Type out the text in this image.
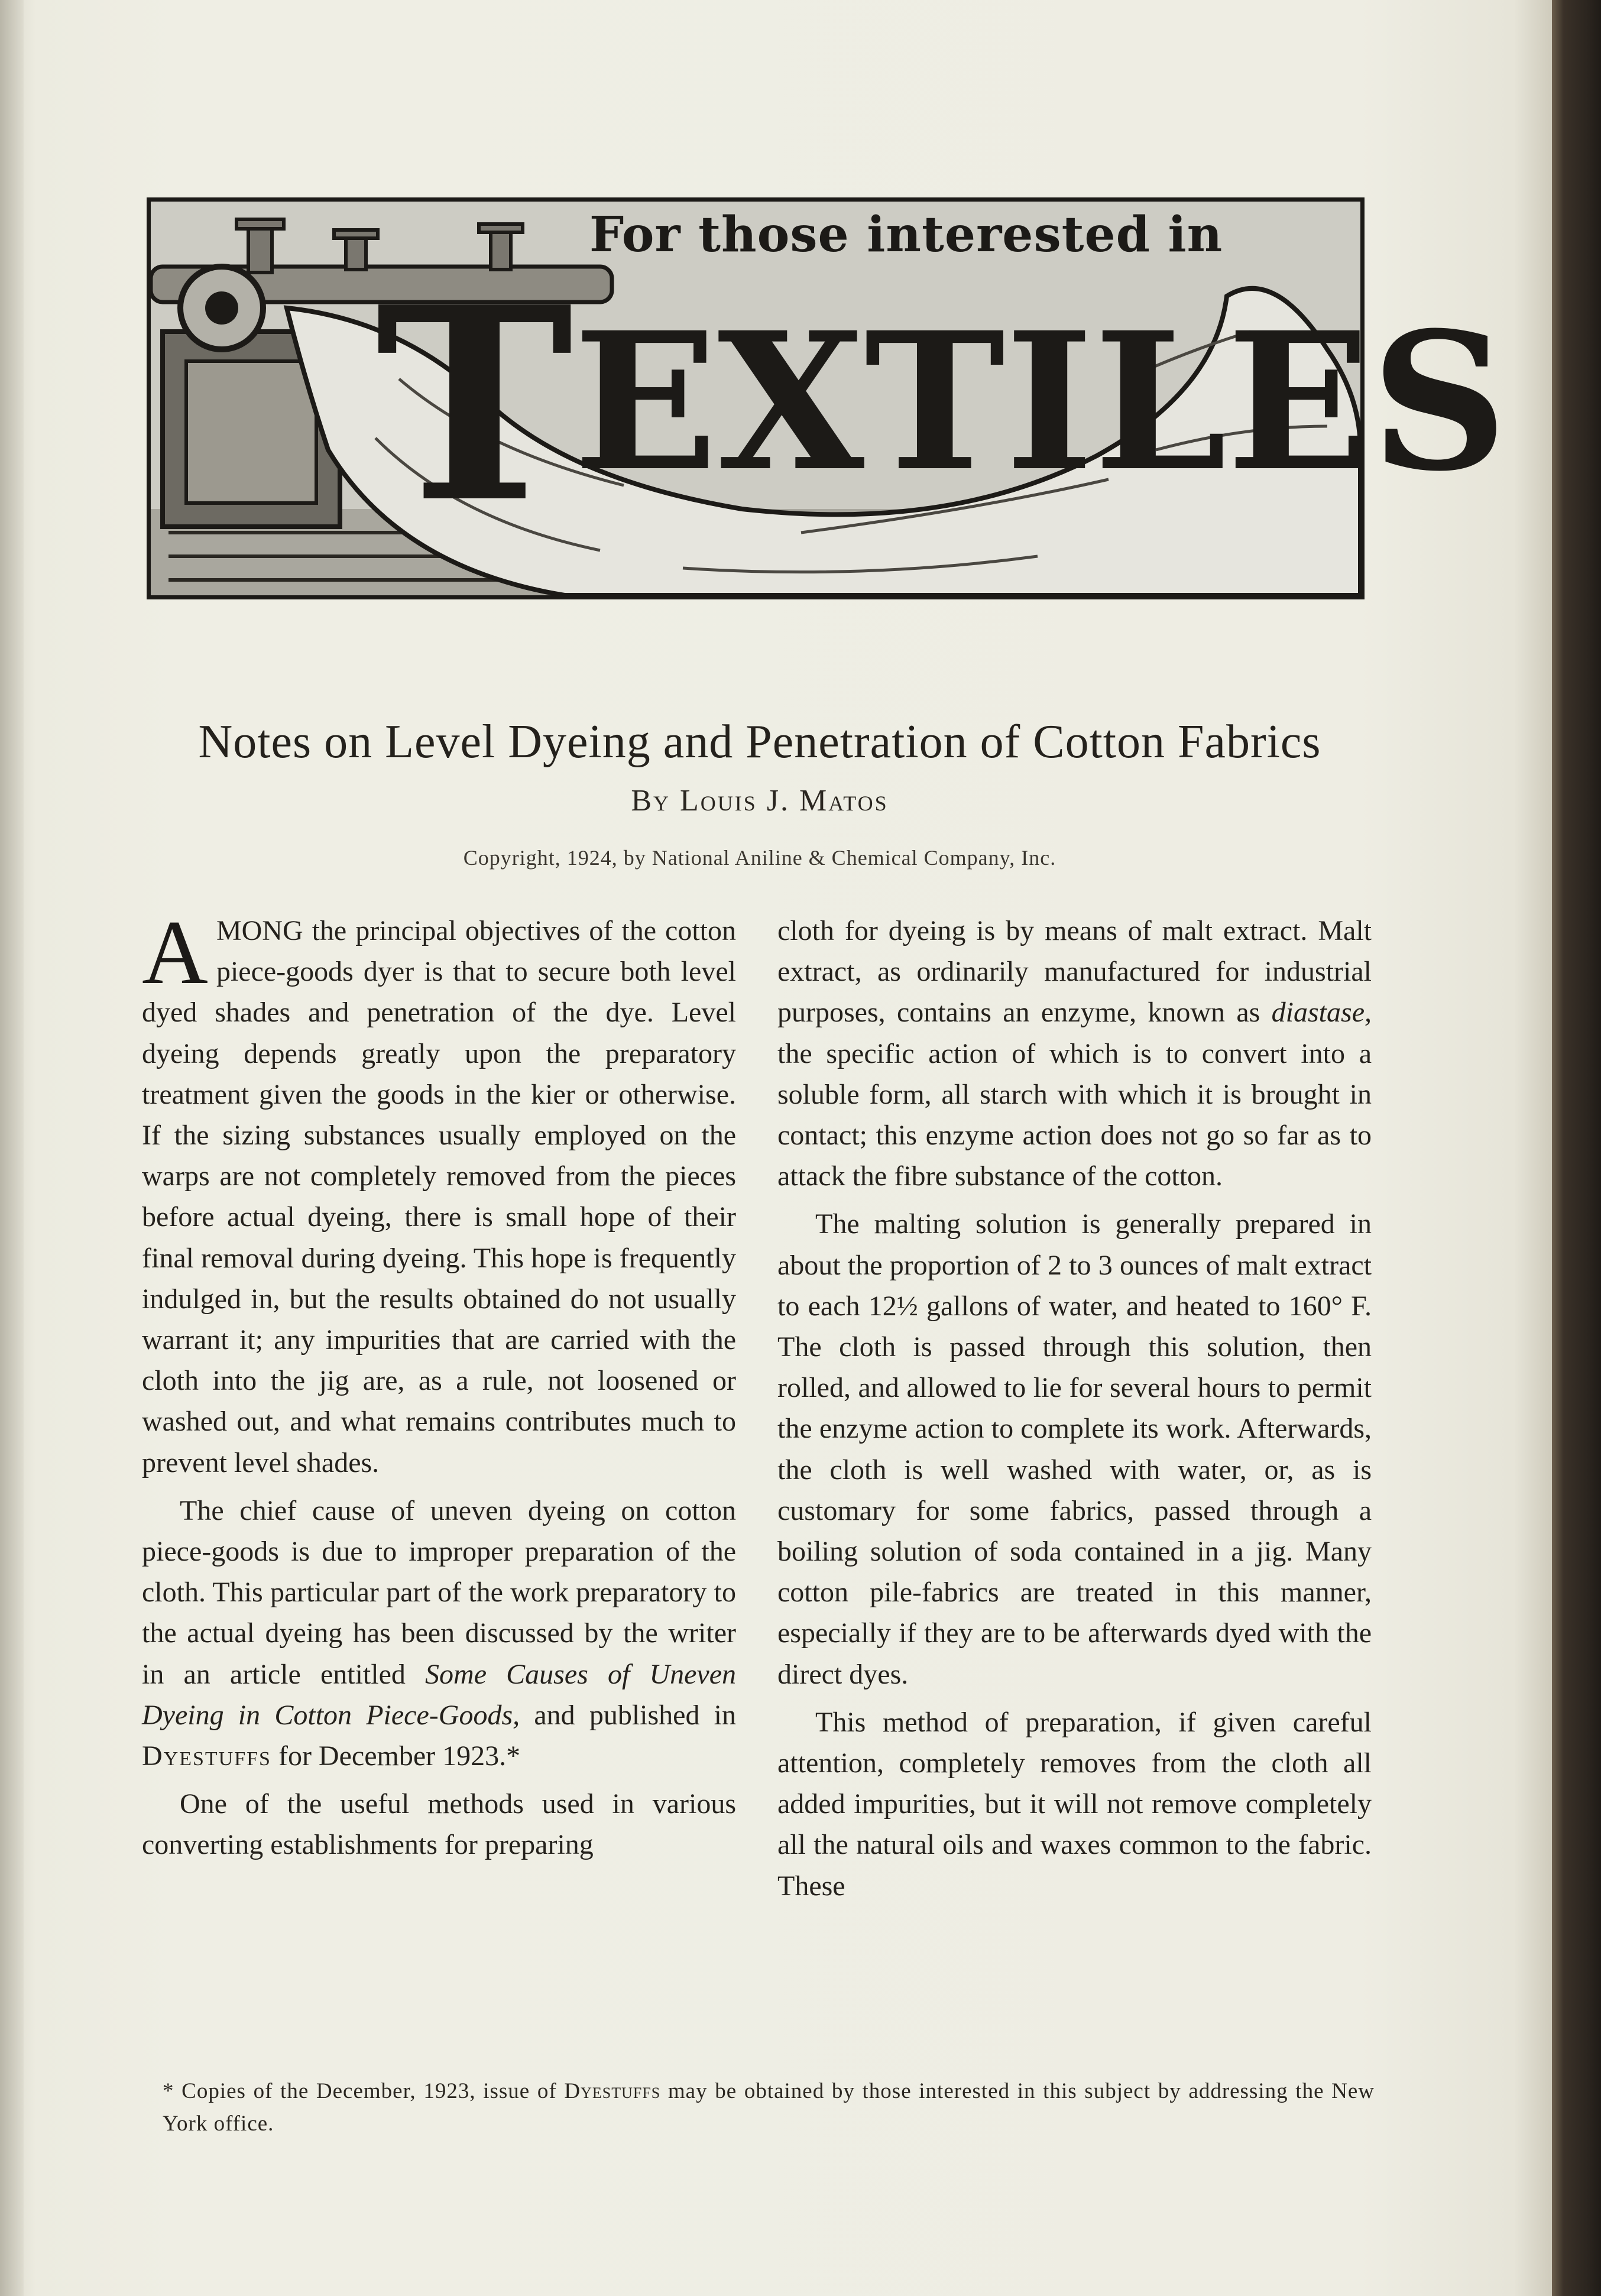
For those interested in
TEXTILES
Notes on Level Dyeing and Penetration of Cotton Fabrics
By Louis J. Matos
Copyright, 1924, by National Aniline & Chemical Company, Inc.

AMONG the principal objectives of the cotton piece-goods dyer is that to secure both level dyed shades and penetration of the dye. Level dyeing depends greatly upon the preparatory treatment given the goods in the kier or otherwise. If the sizing substances usually employed on the warps are not completely removed from the pieces before actual dyeing, there is small hope of their final removal during dyeing. This hope is frequently indulged in, but the results obtained do not usually warrant it; any impurities that are carried with the cloth into the jig are, as a rule, not loosened or washed out, and what remains contributes much to prevent level shades.

The chief cause of uneven dyeing on cotton piece-goods is due to improper preparation of the cloth. This particular part of the work preparatory to the actual dyeing has been discussed by the writer in an article entitled Some Causes of Uneven Dyeing in Cotton Piece-Goods, and published in Dyestuffs for December 1923.*

One of the useful methods used in various converting establishments for preparing

cloth for dyeing is by means of malt extract. Malt extract, as ordinarily manufactured for industrial purposes, contains an enzyme, known as diastase, the specific action of which is to convert into a soluble form, all starch with which it is brought in contact; this enzyme action does not go so far as to attack the fibre substance of the cotton.

The malting solution is generally prepared in about the proportion of 2 to 3 ounces of malt extract to each 12½ gallons of water, and heated to 160° F. The cloth is passed through this solution, then rolled, and allowed to lie for several hours to permit the enzyme action to complete its work. Afterwards, the cloth is well washed with water, or, as is customary for some fabrics, passed through a boiling solution of soda contained in a jig. Many cotton pile-fabrics are treated in this manner, especially if they are to be afterwards dyed with the direct dyes.

This method of preparation, if given careful attention, completely removes from the cloth all added impurities, but it will not remove completely all the natural oils and waxes common to the fabric. These

* Copies of the December, 1923, issue of Dyestuffs may be obtained by those interested in this subject by addressing the New York office.
